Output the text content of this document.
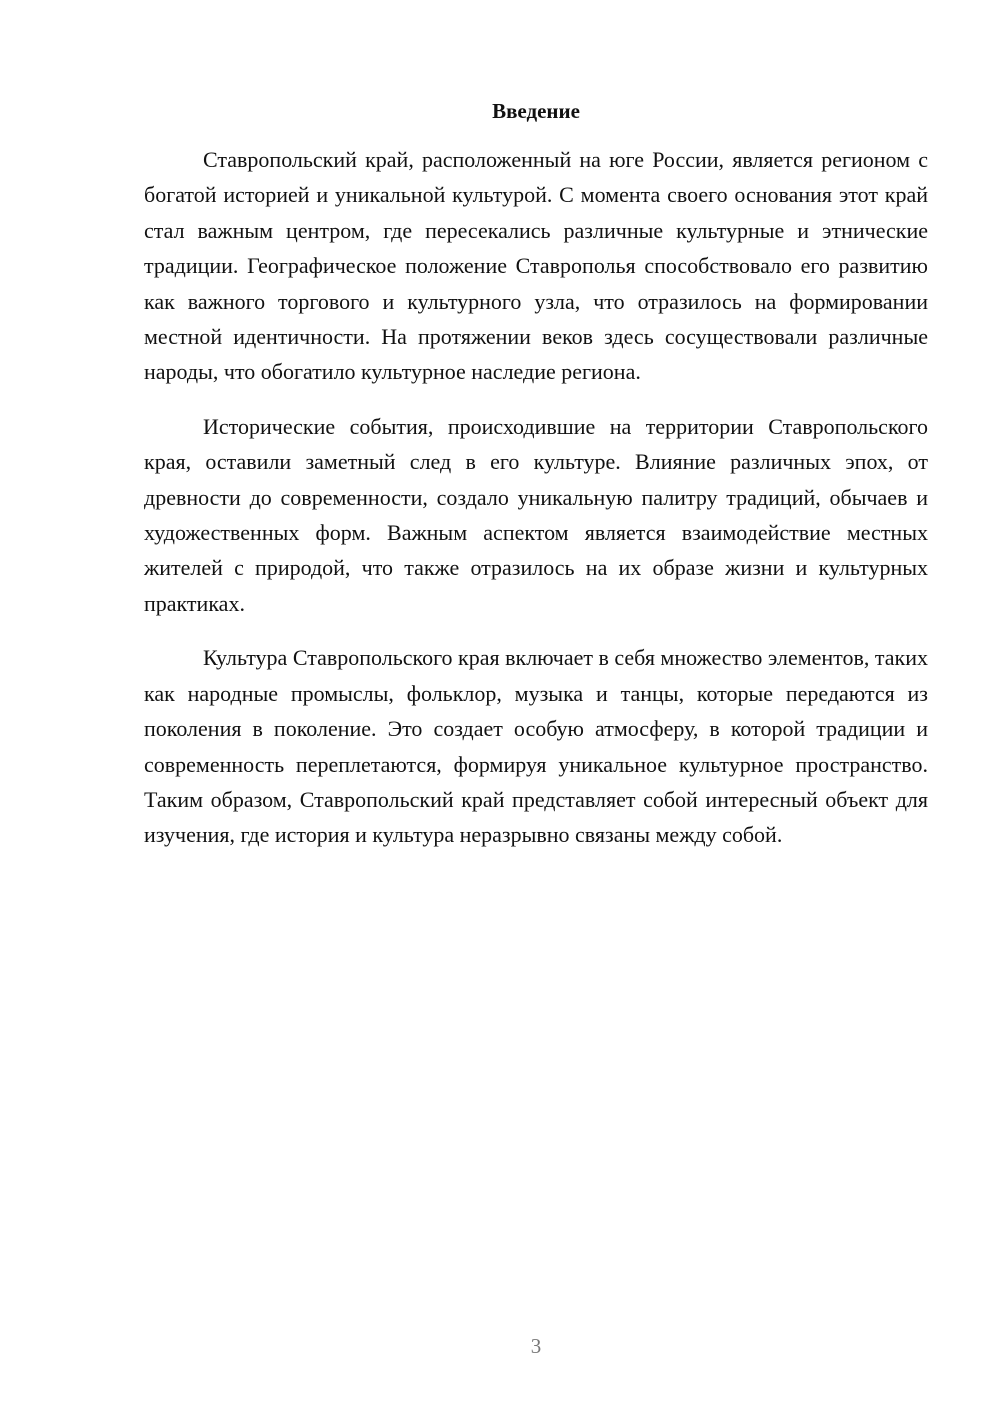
Введение

Ставропольский край, расположенный на юге России, является регионом с богатой историей и уникальной культурой. С момента своего основания этот край стал важным центром, где пересекались различные культурные и этнические традиции. Географическое положение Ставрополья способствовало его развитию как важного торгового и культурного узла, что отразилось на формировании местной идентичности. На протяжении веков здесь сосуществовали различные народы, что обогатило культурное наследие региона.

Исторические события, происходившие на территории Ставропольского края, оставили заметный след в его культуре. Влияние различных эпох, от древности до современности, создало уникальную палитру традиций, обычаев и художественных форм. Важным аспектом является взаимодействие местных жителей с природой, что также отразилось на их образе жизни и культурных практиках.

Культура Ставропольского края включает в себя множество элементов, таких как народные промыслы, фольклор, музыка и танцы, которые передаются из поколения в поколение. Это создает особую атмосферу, в которой традиции и современность переплетаются, формируя уникальное культурное пространство. Таким образом, Ставропольский край представляет собой интересный объект для изучения, где история и культура неразрывно связаны между собой.

3
